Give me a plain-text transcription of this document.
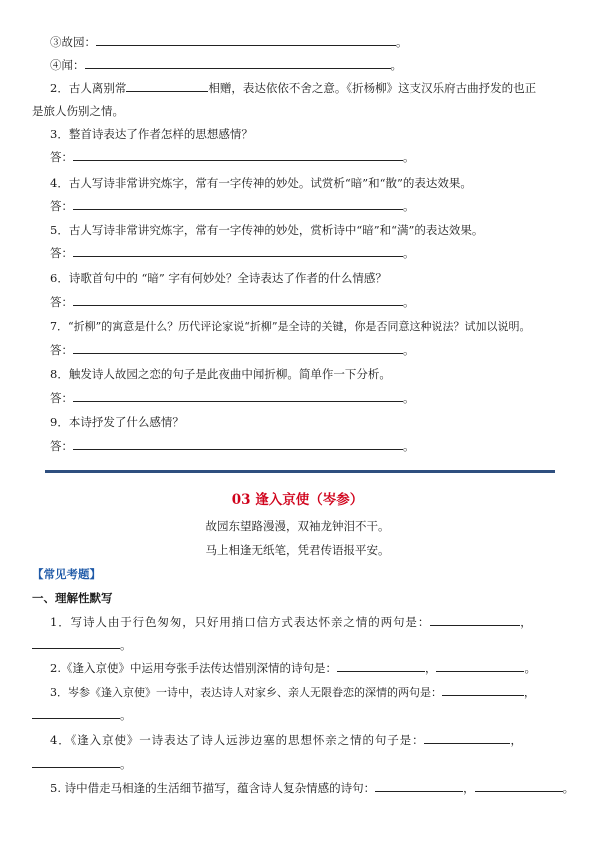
③故园：	。
④闻：	。
2．古人离别常	相赠，表达依依不舍之意。《折杨柳》这支汉乐府古曲抒发的也正
是旅人伤别之情。
3．整首诗表达了作者怎样的思想感情？
答：	。
4．古人写诗非常讲究炼字，常有一字传神的妙处。试赏析“暗”和“散”的表达效果。
答：	。
5．古人写诗非常讲究炼字，常有一字传神的妙处，赏析诗中“暗”和“满”的表达效果。
答：	。
6．诗歌首句中的 “暗” 字有何妙处？全诗表达了作者的什么情感？
答：	。
7．“折柳”的寓意是什么？历代评论家说“折柳”是全诗的关键，你是否同意这种说法？试加以说明。
答：	。
8．触发诗人故园之恋的句子是此夜曲中闻折柳。简单作一下分析。
答：	。
9．本诗抒发了什么感情？
答：	。
03 逢入京使（岑参）
故园东望路漫漫，双袖龙钟泪不干。
马上相逢无纸笔，凭君传语报平安。
【常见考题】
一、理解性默写
1．写诗人由于行色匆匆，只好用捎口信方式表达怀亲之情的两句是：	，
。
2.《逢入京使》中运用夸张手法传达惜别深情的诗句是：	，	。
3．岑参《逢入京使》一诗中，表达诗人对家乡、亲人无限眷恋的深情的两句是：	，
。
4．《逢入京使》一诗表达了诗人远涉边塞的思想怀亲之情的句子是：	，
。
5. 诗中借走马相逢的生活细节描写，蕴含诗人复杂情感的诗句：	，	。
